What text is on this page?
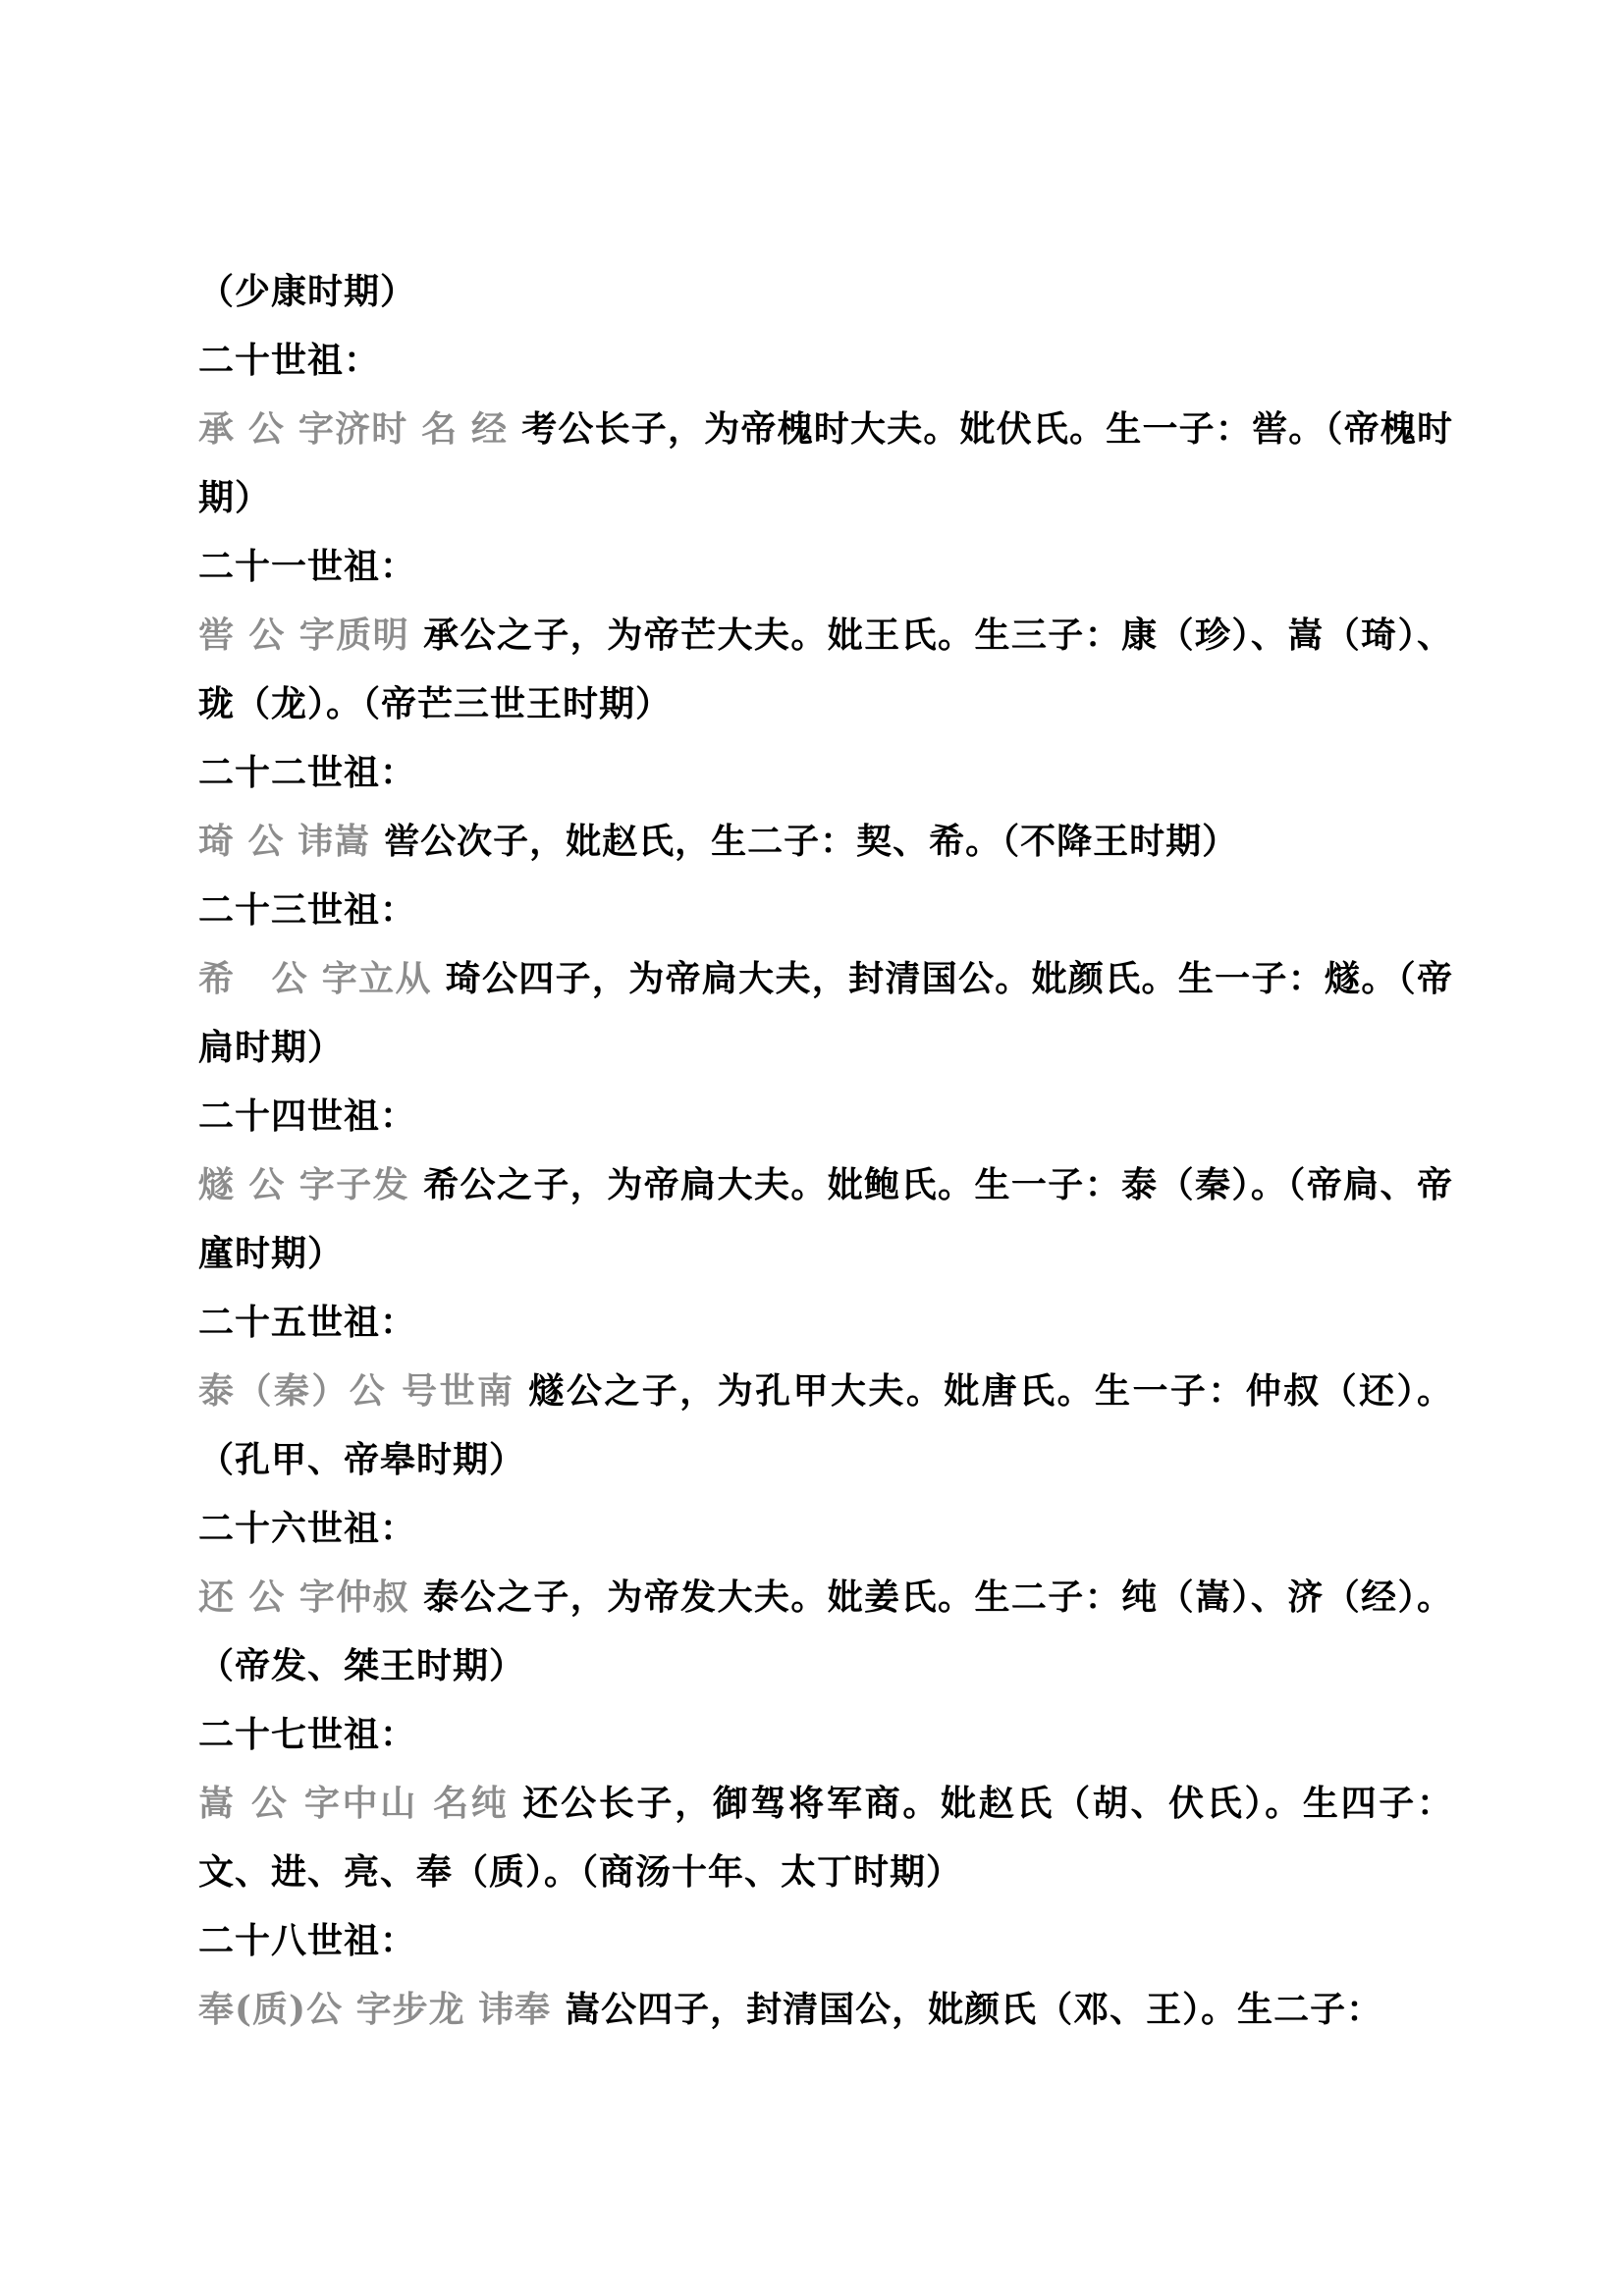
（少康时期）

二十世祖：

承 公 字济时 名 经 考公长子，为帝槐时大夫。妣伏氏。生一子：喾。（帝槐时期）

二十一世祖：

喾 公 字质明 承公之子，为帝芒大夫。妣王氏。生三子：康（珍）、嵩（琦）、珑（龙）。（帝芒三世王时期）

二十二世祖：

琦 公 讳嵩 喾公次子，妣赵氏，生二子：契、希。（不降王时期）

二十三世祖：

希　公 字立从 琦公四子，为帝扃大夫，封清国公。妣颜氏。生一子：燧。（帝扃时期）

二十四世祖：

燧 公 字子发 希公之子，为帝扃大夫。妣鲍氏。生一子：泰（秦）。（帝扃、帝廑时期）

二十五世祖：

泰（秦）公 号世南 燧公之子，为孔甲大夫。妣唐氏。生一子：仲叔（还）。（孔甲、帝皋时期）

二十六世祖：

还 公 字仲叔 泰公之子，为帝发大夫。妣姜氏。生二子：纯（嵩）、济（经）。（帝发、桀王时期）

二十七世祖：

嵩 公 字中山 名纯 还公长子，御驾将军商。妣赵氏（胡、伏氏）。生四子：文、进、亮、奉（质）。（商汤十年、太丁时期）

二十八世祖：

奉(质)公 字步龙 讳奉 嵩公四子，封清国公，妣颜氏（邓、王）。生二子：
